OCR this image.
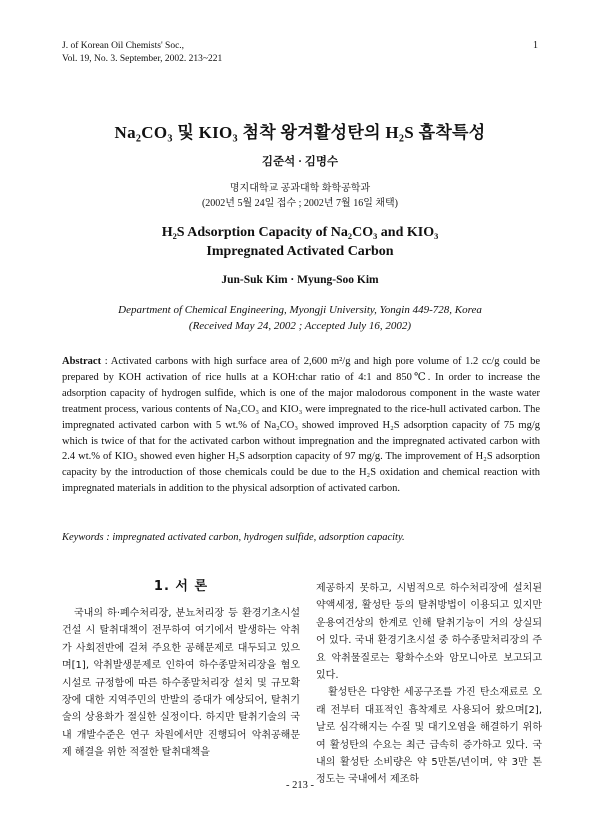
J. of Korean Oil Chemists' Soc.,
Vol. 19, No. 3. September, 2002. 213~221
1
Na₂CO₃ 및 KIO₃ 첨착 왕겨활성탄의 H₂S 흡착특성
김준석 · 김명수
명지대학교 공과대학 화학공학과
(2002년 5월 24일 접수 ; 2002년 7월 16일 채택)
H₂S Adsorption Capacity of Na₂CO₃ and KIO₃
Impregnated Activated Carbon
Jun-Suk Kim · Myung-Soo Kim
Department of Chemical Engineering, Myongji University, Yongin 449-728, Korea
(Received May 24, 2002 ; Accepted July 16, 2002)
Abstract : Activated carbons with high surface area of 2,600 m²/g and high pore volume of 1.2 cc/g could be prepared by KOH activation of rice hulls at a KOH:char ratio of 4:1 and 850℃. In order to increase the adsorption capacity of hydrogen sulfide, which is one of the major malodorous component in the waste water treatment process, various contents of Na₂CO₃ and KIO₃ were impregnated to the rice-hull activated carbon. The impregnated activated carbon with 5 wt.% of Na₂CO₃ showed improved H₂S adsorption capacity of 75 mg/g which is twice of that for the activated carbon without impregnation and the impregnated activated carbon with 2.4 wt.% of KIO₃ showed even higher H₂S adsorption capacity of 97 mg/g. The improvement of H₂S adsorption capacity by the introduction of those chemicals could be due to the H₂S oxidation and chemical reaction with impregnated materials in addition to the physical adsorption of activated carbon.
Keywords : impregnated activated carbon, hydrogen sulfide, adsorption capacity.
1. 서 론

국내의 하·폐수처리장, 분뇨처리장 등 환경기초시설 건설 시 탈취대책이 전무하여 여기에서 발생하는 악취가 사회전반에 걸쳐 주요한 공해문제로 대두되고 있으며[1], 악취발생문제로 인하여 하수종말처리장을 혐오시설로 규정함에 따른 하수종말처리장 설치 및 규모확장에 대한 지역주민의 반발의 증대가 예상되어, 탈취기술의 상용화가 절실한 실정이다. 하지만 탈취기술의 국내 개발수준은 연구 차원에서만 진행되어 악취공해문제 해결을 위한 적절한 탈취대책을

제공하지 못하고, 시범적으로 하수처리장에 설치된 약액세정, 활성탄 등의 탈취방법이 이용되고 있지만 운용여건상의 한계로 인해 탈취기능이 거의 상실되어 있다. 국내 환경기초시설 중 하수종말처리장의 주요 악취물질로는 황화수소와 암모니아로 보고되고 있다.

활성탄은 다양한 세공구조를 가진 탄소재료로 오래 전부터 대표적인 흡착제로 사용되어 왔으며[2], 날로 심각해지는 수질 및 대기오염을 해결하기 위하여 활성탄의 수요는 최근 급속히 증가하고 있다. 국내의 활성탄 소비량은 약 5만톤/년이며, 약 3만 톤 정도는 국내에서 제조하

- 213 -
